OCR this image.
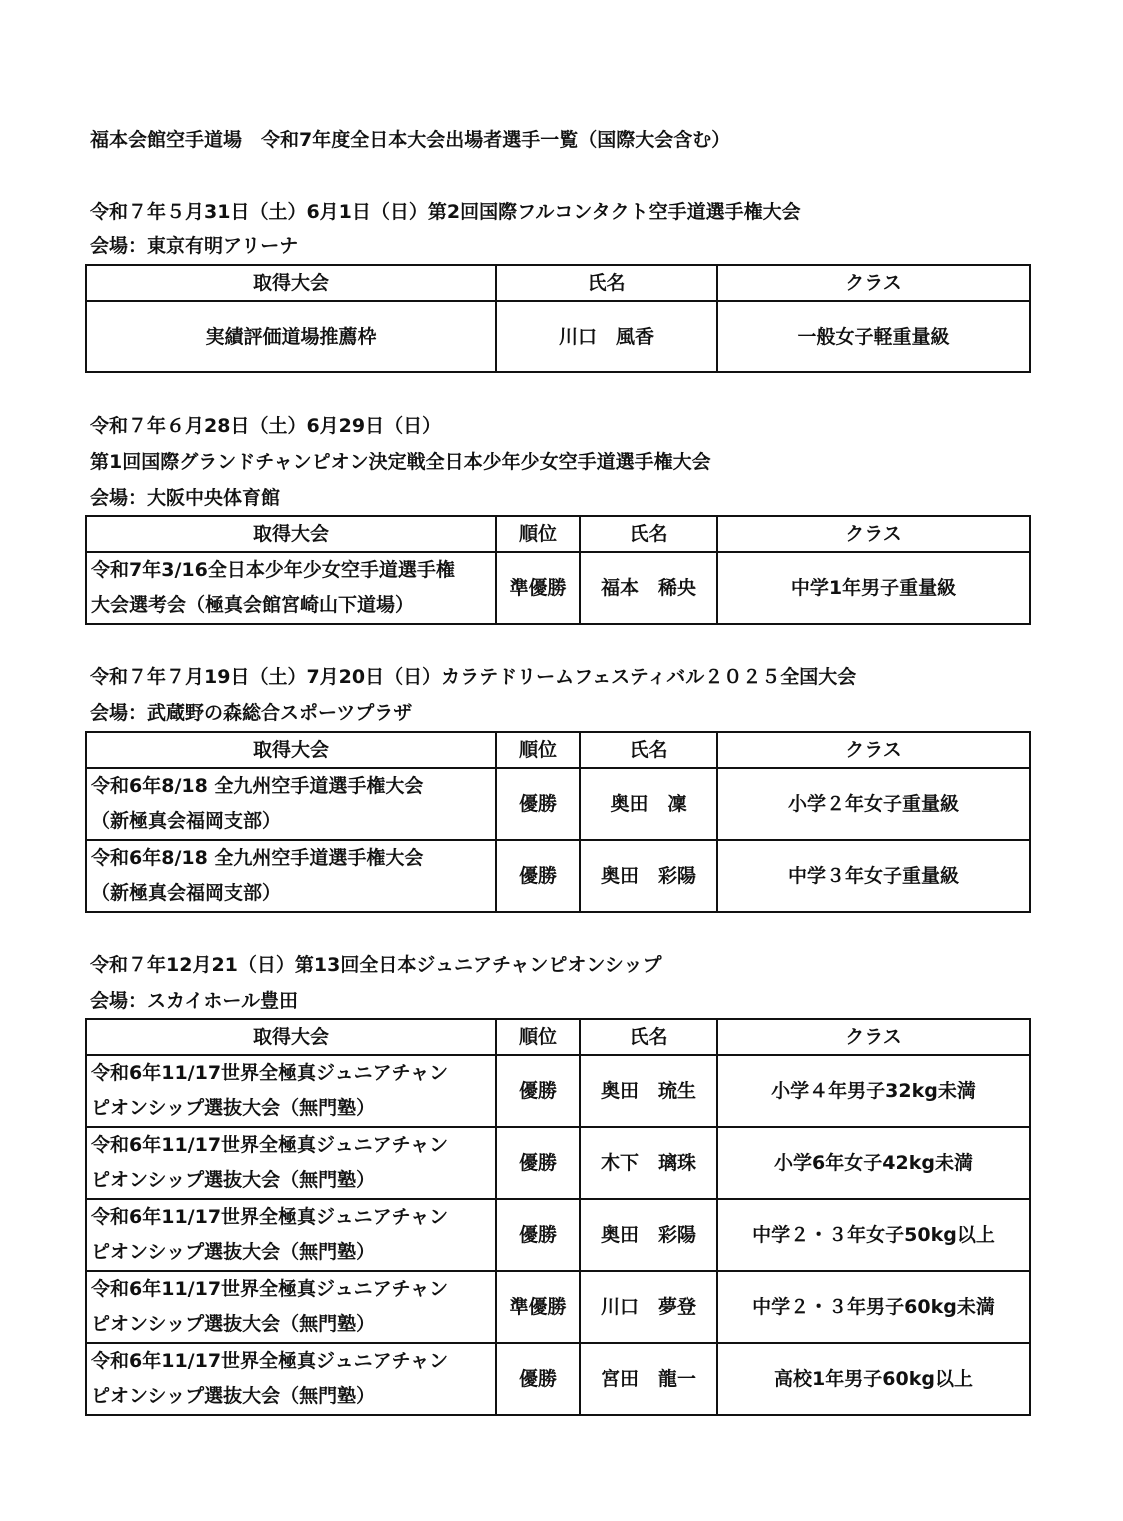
福本会館空手道場　令和7年度全日本大会出場者選手一覧（国際大会含む）
令和７年５月31日（土）6月1日（日）第2回国際フルコンタクト空手道選手権大会
会場：東京有明アリーナ
取得大会	氏名	クラス
実績評価道場推薦枠	川口　風香	一般女子軽重量級
令和７年６月28日（土）6月29日（日）
第1回国際グランドチャンピオン決定戦全日本少年少女空手道選手権大会
会場：大阪中央体育館
取得大会	順位	氏名	クラス
令和7年3/16全日本少年少女空手道選手権
大会選考会（極真会館宮崎山下道場）	準優勝	福本　稀央	中学1年男子重量級
令和７年７月19日（土）7月20日（日）カラテドリームフェスティバル２０２５全国大会
会場：武蔵野の森総合スポーツプラザ
取得大会	順位	氏名	クラス
令和6年8/18 全九州空手道選手権大会
（新極真会福岡支部）	優勝	奥田　凜	小学２年女子重量級
令和6年8/18 全九州空手道選手権大会
（新極真会福岡支部）	優勝	奥田　彩陽	中学３年女子重量級
令和７年12月21（日）第13回全日本ジュニアチャンピオンシップ
会場：スカイホール豊田
取得大会	順位	氏名	クラス
令和6年11/17世界全極真ジュニアチャン
ピオンシップ選抜大会（無門塾）	優勝	奥田　琉生	小学４年男子32kg未満
令和6年11/17世界全極真ジュニアチャン
ピオンシップ選抜大会（無門塾）	優勝	木下　璃珠	小学6年女子42kg未満
令和6年11/17世界全極真ジュニアチャン
ピオンシップ選抜大会（無門塾）	優勝	奥田　彩陽	中学２・３年女子50kg以上
令和6年11/17世界全極真ジュニアチャン
ピオンシップ選抜大会（無門塾）	準優勝	川口　夢登	中学２・３年男子60kg未満
令和6年11/17世界全極真ジュニアチャン
ピオンシップ選抜大会（無門塾）	優勝	宮田　龍一	高校1年男子60kg以上
